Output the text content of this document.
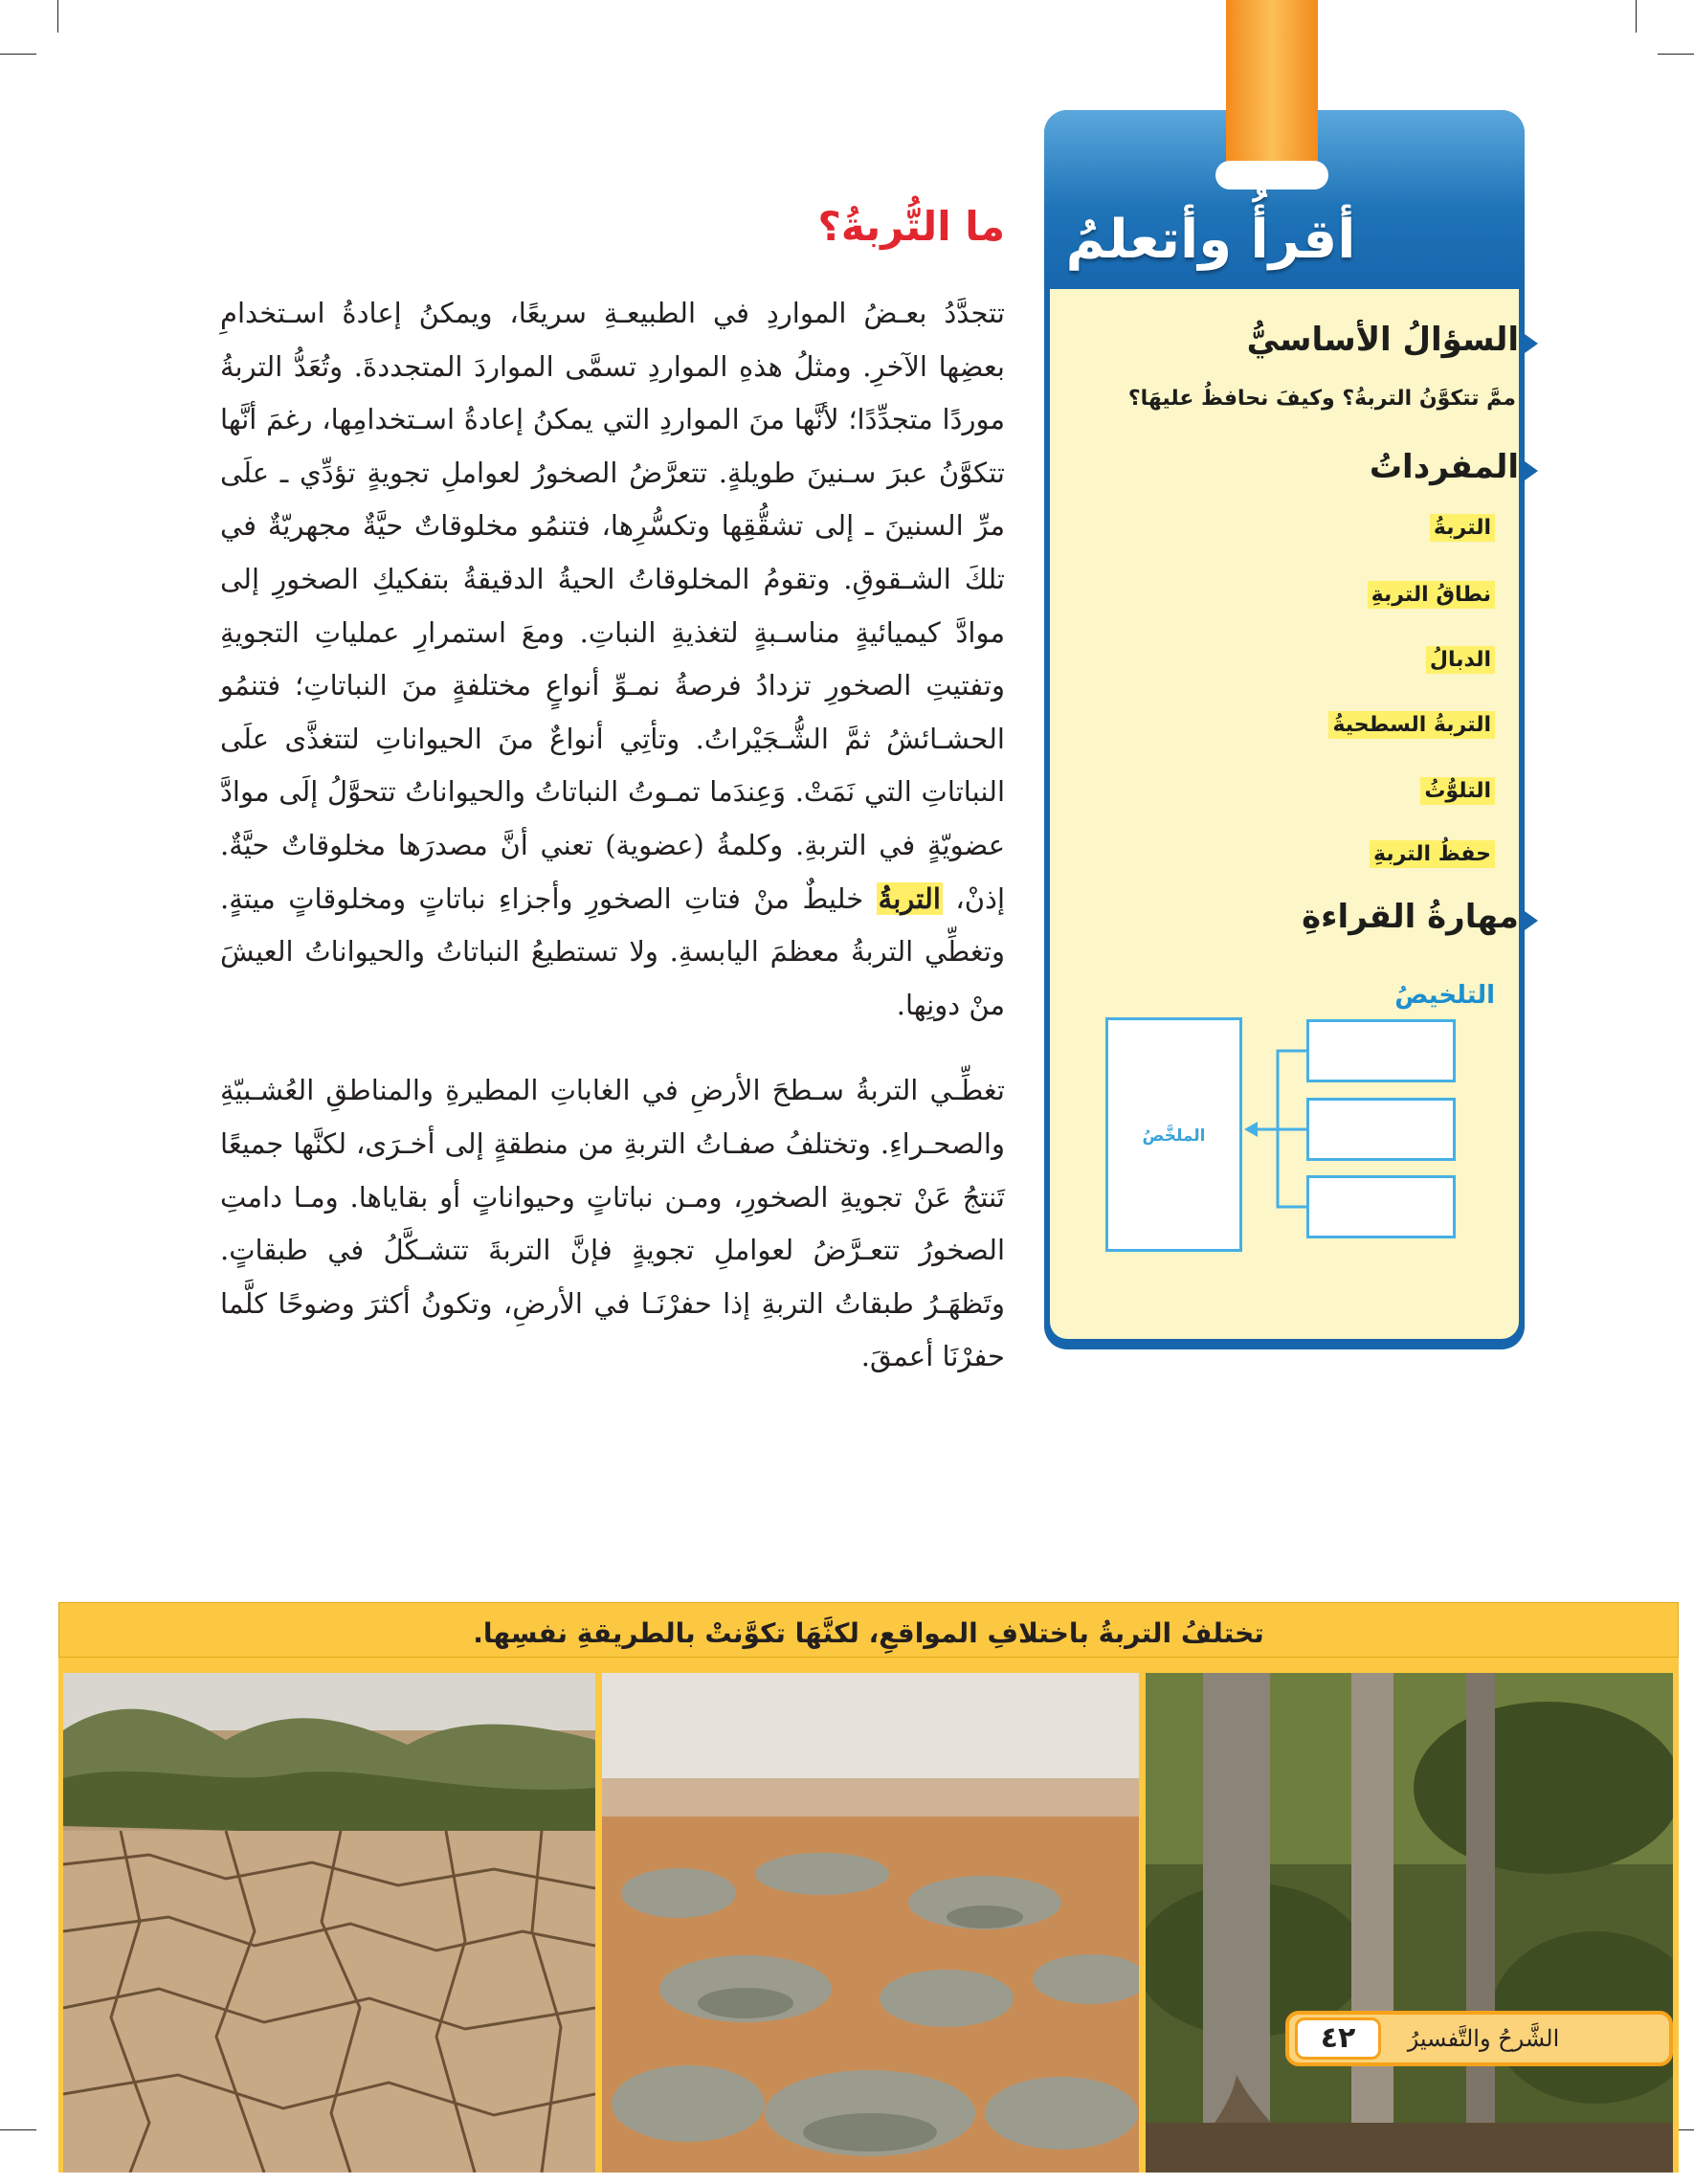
ما التُّربةُ؟

تتجدَّدُ بعـضُ المواردِ في الطبيعـةِ سريعًا، ويمكنُ إعادةُ اسـتخدامِ بعضِها الآخرِ. ومثلُ هذهِ المواردِ تسمَّى المواردَ المتجددةَ. وتُعَدُّ التربةُ موردًا متجدِّدًا؛ لأنَّها منَ المواردِ التي يمكنُ إعادةُ اسـتخدامِها، رغمَ أنَّها تتكوَّنُ عبرَ سـنينَ طويلةٍ. تتعرَّضُ الصخورُ لعواملِ تجويةٍ تؤدِّي ـ علَى مرِّ السنينَ ـ إلى تشقُّقِها وتكسُّرِها، فتنمُو مخلوقاتٌ حيَّةٌ مجهريّةٌ في تلكَ الشـقوقِ. وتقومُ المخلوقاتُ الحيةُ الدقيقةُ بتفكيكِ الصخورِ إلى موادَّ كيميائيةٍ مناسـبةٍ لتغذيةِ النباتِ. ومعَ استمرارِ عملياتِ التجويةِ وتفتيتِ الصخورِ تزدادُ فرصةُ نمـوِّ أنواعٍ مختلفةٍ منَ النباتاتِ؛ فتنمُو الحشـائشُ ثمَّ الشُّـجَيْراتُ. وتأتِي أنواعٌ منَ الحيواناتِ لتتغذَّى علَى النباتاتِ التي نَمَتْ. وَعِندَما تمـوتُ النباتاتُ والحيواناتُ تتحوَّلُ إلَى موادَّ عضويّةٍ في التربةِ. وكلمةُ (عضوية) تعني أنَّ مصدرَها مخلوقاتٌ حيَّةٌ. إذنْ، التربةُ خليطٌ منْ فتاتِ الصخورِ وأجزاءِ نباتاتٍ ومخلوقاتٍ ميتةٍ. وتغطِّي التربةُ معظمَ اليابسةِ. ولا تستطيعُ النباتاتُ والحيواناتُ العيشَ منْ دونِها.

تغطِّـي التربةُ سـطحَ الأرضِ في الغاباتِ المطيرةِ والمناطقِ العُشـبيّةِ والصحـراءِ. وتختلفُ صفـاتُ التربةِ من منطقةٍ إلى أخـرَى، لكنَّها جميعًا تَنتجُ عَنْ تجويةِ الصخورِ، ومـن نباتاتٍ وحيواناتٍ أو بقاياها. ومـا دامتِ الصخورُ تتعـرَّضُ لعواملِ تجويةٍ فإنَّ التربةَ تتشـكَّلُ في طبقاتٍ. وتَظهَـرُ طبقاتُ التربةِ إذا حفرْنَـا في الأرضِ، وتكونُ أكثرَ وضوحًا كلَّما حفرْنَا أعمقَ.

أقرأُ وأتعلمُ
السؤالُ الأساسيُّ
ممَّ تتكوَّنُ التربةُ؟ وكيفَ نحافظُ عليهَا؟
المفرداتُ
التربةُ
نطاقُ التربةِ
الدبالُ
التربةُ السطحيةُ
التلوُّثُ
حفظُ التربةِ
مهارةُ القراءةِ
التلخيصُ
الملخَّصُ
تختلفُ التربةُ باختلافِ المواقعِ، لكنَّهَا تكوَّنتْ بالطريقةِ نفسِها.
٤٢	الشَّرحُ والتَّفسيرُ
